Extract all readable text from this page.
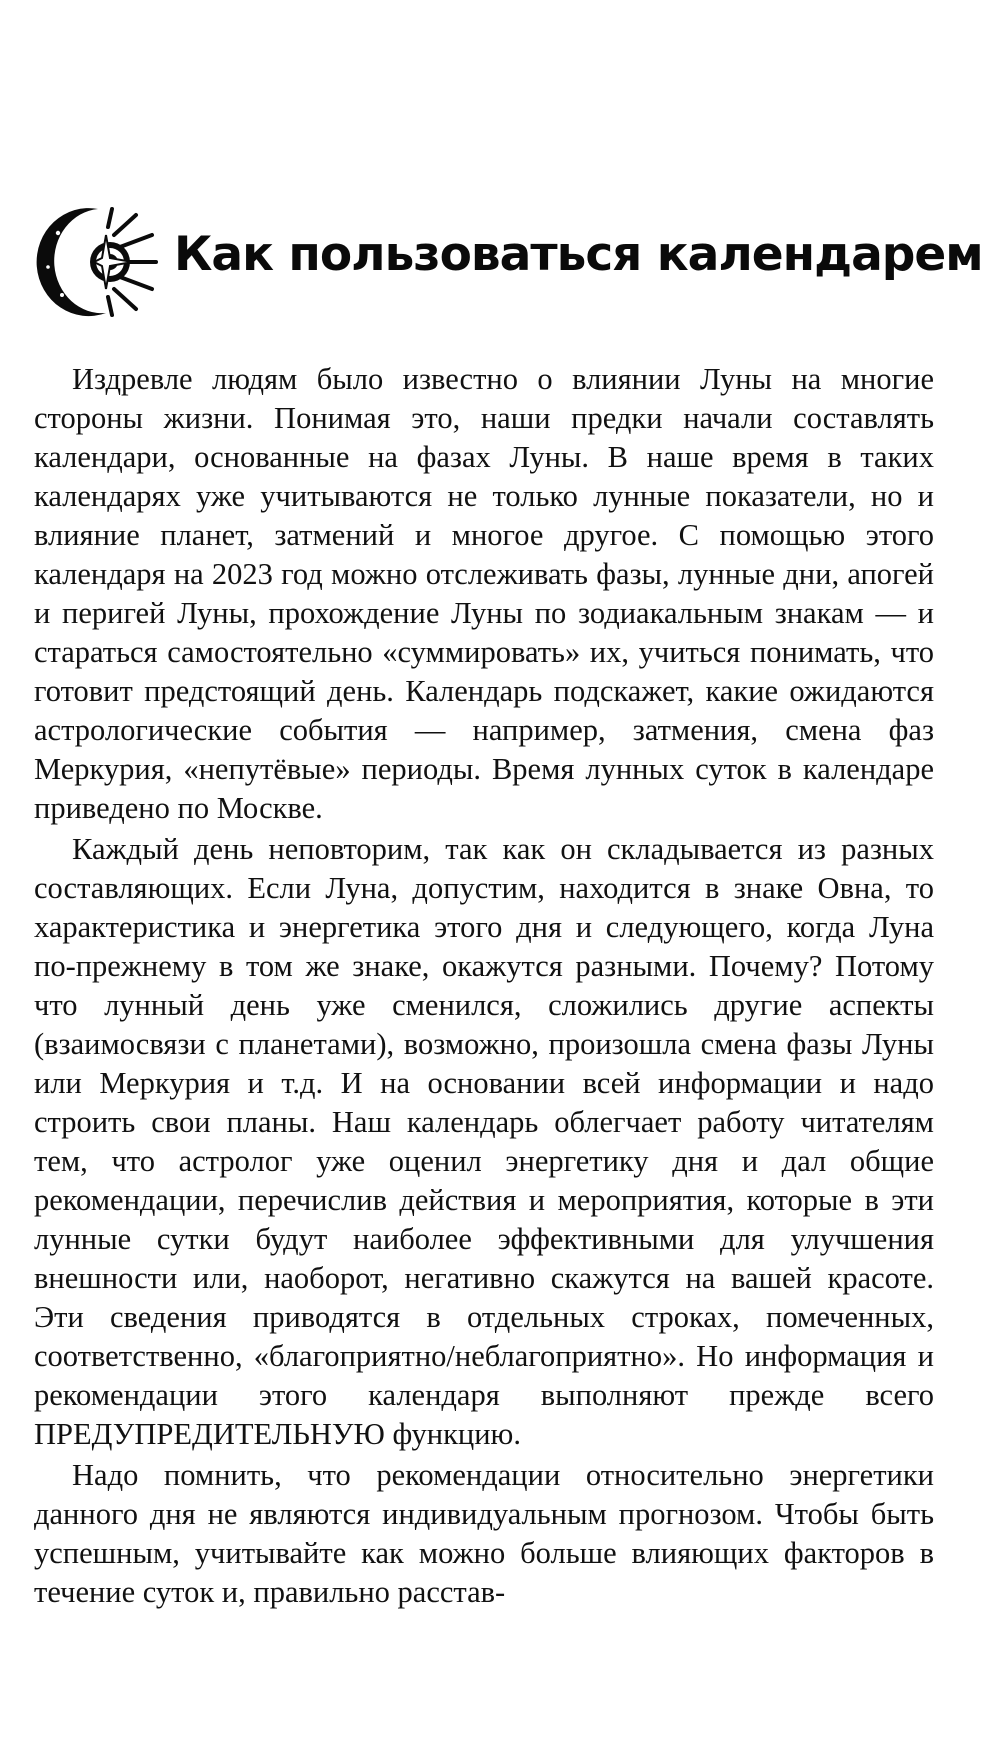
Как пользоваться календарем

Издревле людям было известно о влиянии Луны на многие стороны жизни. Понимая это, наши предки начали составлять календари, основанные на фазах Луны. В наше время в таких календарях уже учитываются не только лунные показатели, но и влияние планет, затмений и многое другое. С помощью этого календаря на 2023 год можно отслеживать фазы, лунные дни, апогей и перигей Луны, прохождение Луны по зодиакальным знакам — и стараться самостоятельно «суммировать» их, учиться понимать, что готовит предстоящий день. Календарь подскажет, какие ожидаются астрологические события — например, затмения, смена фаз Меркурия, «непутёвые» периоды. Время лунных суток в календаре приведено по Москве.

Каждый день неповторим, так как он складывается из разных составляющих. Если Луна, допустим, находится в знаке Овна, то характеристика и энергетика этого дня и следующего, когда Луна по-прежнему в том же знаке, окажутся разными. Почему? Потому что лунный день уже сменился, сложились другие аспекты (взаимосвязи с планетами), возможно, произошла смена фазы Луны или Меркурия и т.д. И на основании всей информации и надо строить свои планы. Наш календарь облегчает работу читателям тем, что астролог уже оценил энергетику дня и дал общие рекомендации, перечислив действия и мероприятия, которые в эти лунные сутки будут наиболее эффективными для улучшения внешности или, наоборот, негативно скажутся на вашей красоте. Эти сведения приводятся в отдельных строках, помеченных, соответственно, «благоприятно/неблагоприятно». Но информация и рекомендации этого календаря выполняют прежде всего ПРЕДУПРЕДИТЕЛЬНУЮ функцию.

Надо помнить, что рекомендации относительно энергетики данного дня не являются индивидуальным прогнозом. Чтобы быть успешным, учитывайте как можно больше влияющих факторов в течение суток и, правильно расстав-
